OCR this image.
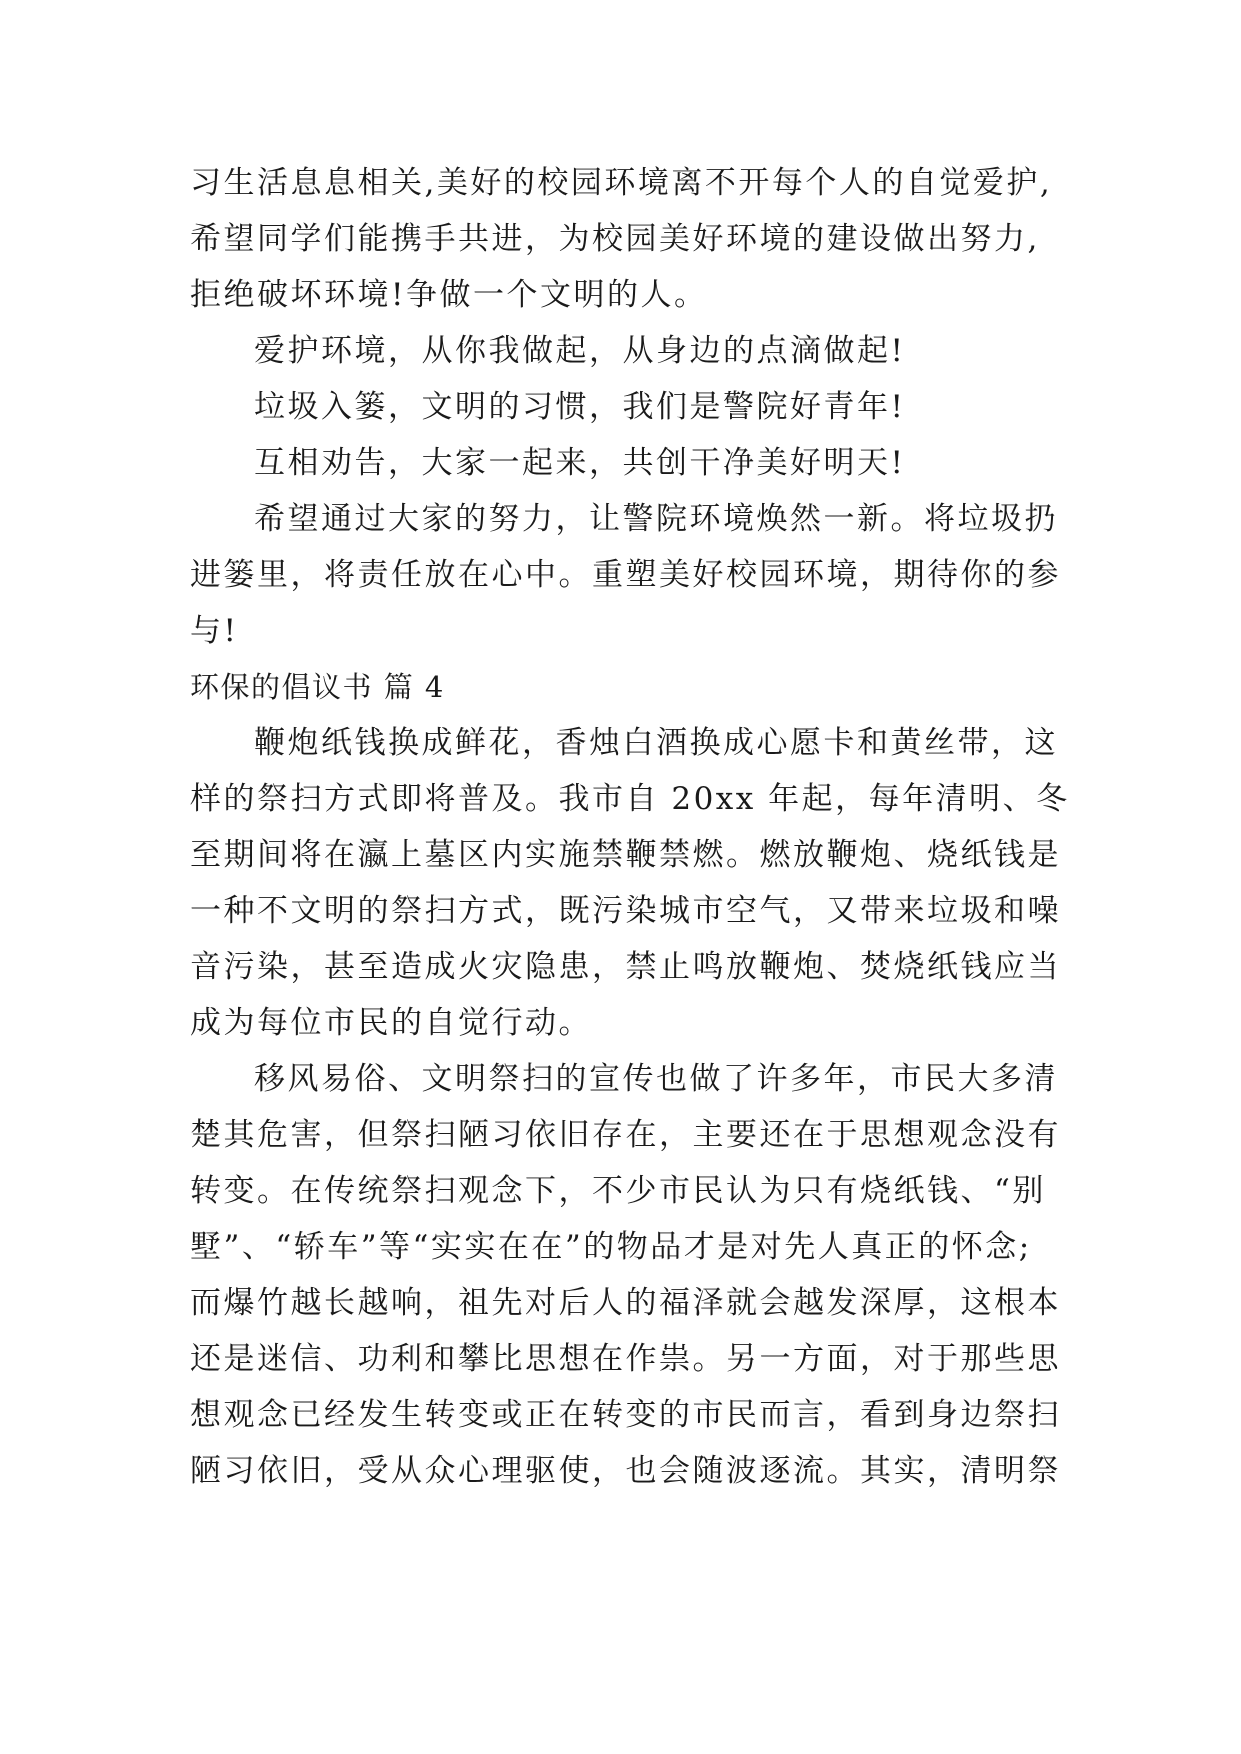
习生活息息相关,美好的校园环境离不开每个人的自觉爱护,
希望同学们能携手共进，为校园美好环境的建设做出努力,
拒绝破坏环境!争做一个文明的人。
爱护环境，从你我做起，从身边的点滴做起!
垃圾入篓，文明的习惯，我们是警院好青年!
互相劝告，大家一起来，共创干净美好明天!
希望通过大家的努力，让警院环境焕然一新。将垃圾扔
进篓里，将责任放在心中。重塑美好校园环境，期待你的参
与!
环保的倡议书 篇 4
鞭炮纸钱换成鲜花，香烛白酒换成心愿卡和黄丝带，这
样的祭扫方式即将普及。我市自 20xx 年起，每年清明、冬
至期间将在瀛上墓区内实施禁鞭禁燃。燃放鞭炮、烧纸钱是
一种不文明的祭扫方式，既污染城市空气，又带来垃圾和噪
音污染，甚至造成火灾隐患，禁止鸣放鞭炮、焚烧纸钱应当
成为每位市民的自觉行动。
移风易俗、文明祭扫的宣传也做了许多年，市民大多清
楚其危害，但祭扫陋习依旧存在，主要还在于思想观念没有
转变。在传统祭扫观念下，不少市民认为只有烧纸钱、“别
墅”、“轿车”等“实实在在”的物品才是对先人真正的怀念;
而爆竹越长越响，祖先对后人的福泽就会越发深厚，这根本
还是迷信、功利和攀比思想在作祟。另一方面，对于那些思
想观念已经发生转变或正在转变的市民而言，看到身边祭扫
陋习依旧，受从众心理驱使，也会随波逐流。其实，清明祭
